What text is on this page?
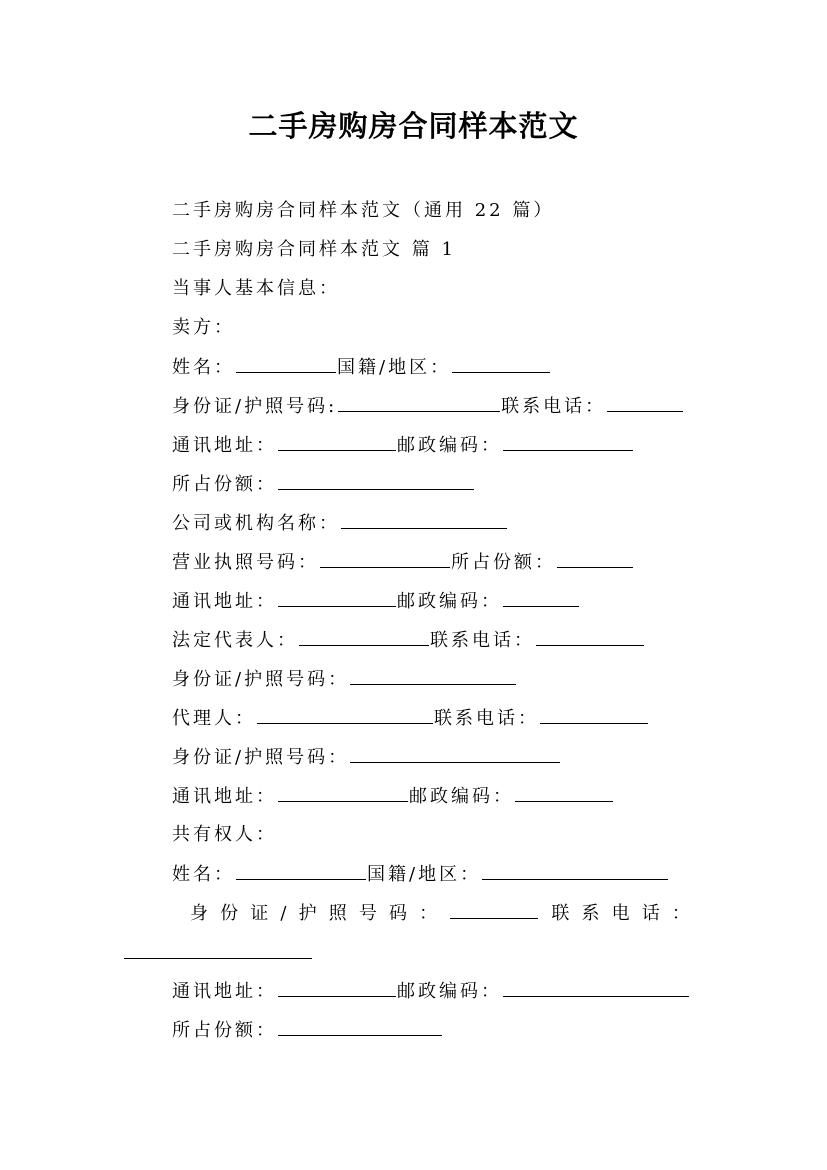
二手房购房合同样本范文
二手房购房合同样本范文（通用 22 篇）
二手房购房合同样本范文 篇 1
当事人基本信息：
卖方：
姓名：	国籍/地区：
身份证/护照号码:	联系电话：
通讯地址：	邮政编码：
所占份额：
公司或机构名称：
营业执照号码：	所占份额：
通讯地址：	邮政编码：
法定代表人：	联系电话：
身份证/护照号码：
代理人：	联系电话：
身份证/护照号码：
通讯地址：	邮政编码：
共有权人：
姓名：	国籍/地区：
身 份 证 / 护 照 号 码 ：	联 系 电 话 ：
通讯地址：	邮政编码：
所占份额：
